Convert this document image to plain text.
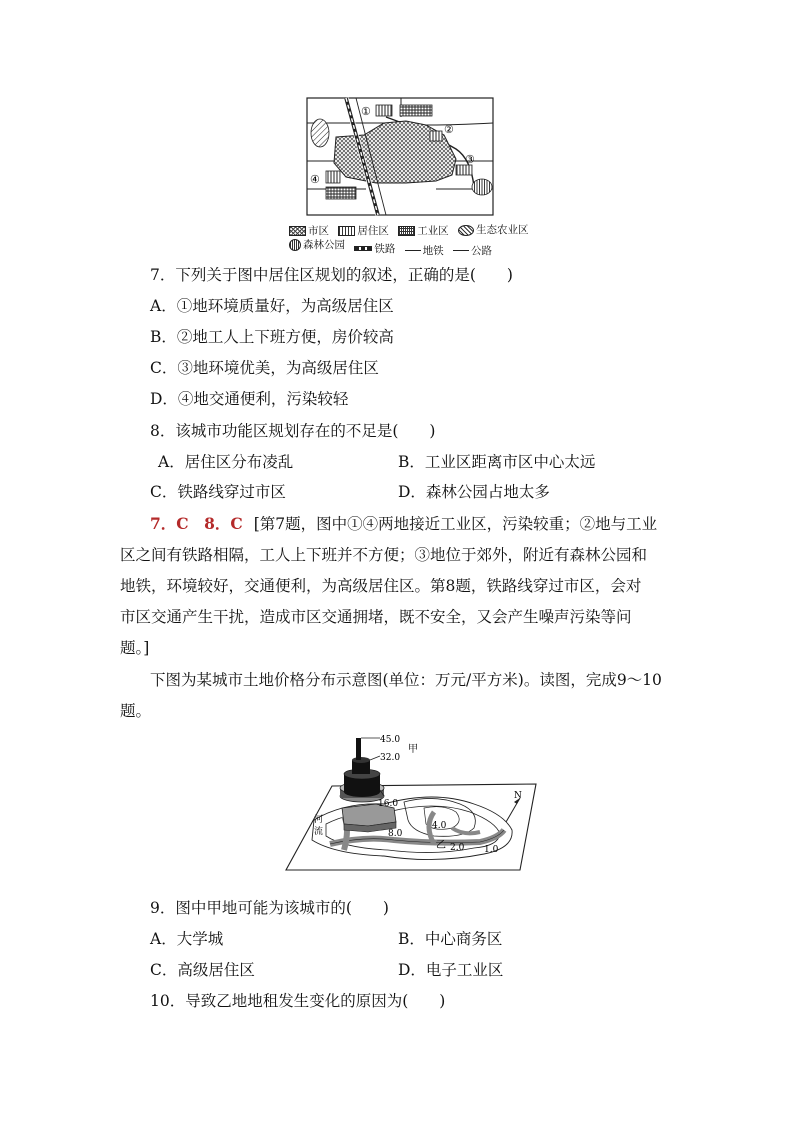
①
②
③
④
市区
	居住区
	工业区
	生态农业区
森林公园
	铁路
	地铁
	公路
7．下列关于图中居住区规划的叙述，正确的是(　　)
A．①地环境质量好，为高级居住区
B．②地工人上下班方便，房价较高
C．③地环境优美，为高级居住区
D．④地交通便利，污染较轻
8．该城市功能区规划存在的不足是(　　)
A．居住区分布凌乱	B．工业区距离市区中心太远
C．铁路线穿过市区	D．森林公园占地太多
7．C　8．C [第7题，图中①④两地接近工业区，污染较重；②地与工业
区之间有铁路相隔，工人上下班并不方便；③地位于郊外，附近有森林公园和
地铁，环境较好，交通便利，为高级居住区。第8题，铁路线穿过市区，会对
市区交通产生干扰，造成市区交通拥堵，既不安全，又会产生噪声污染等问
题。]
下图为某城市土地价格分布示意图(单位：万元/平方米)。读图，完成9～10
题。
45.0
甲
32.0
16.0
8.0
4.0
乙 2.0 1.0
河
流
N
9．图中甲地可能为该城市的(　　)
A．大学城	B．中心商务区
C．高级居住区	D．电子工业区
10．导致乙地地租发生变化的原因为(　　)
